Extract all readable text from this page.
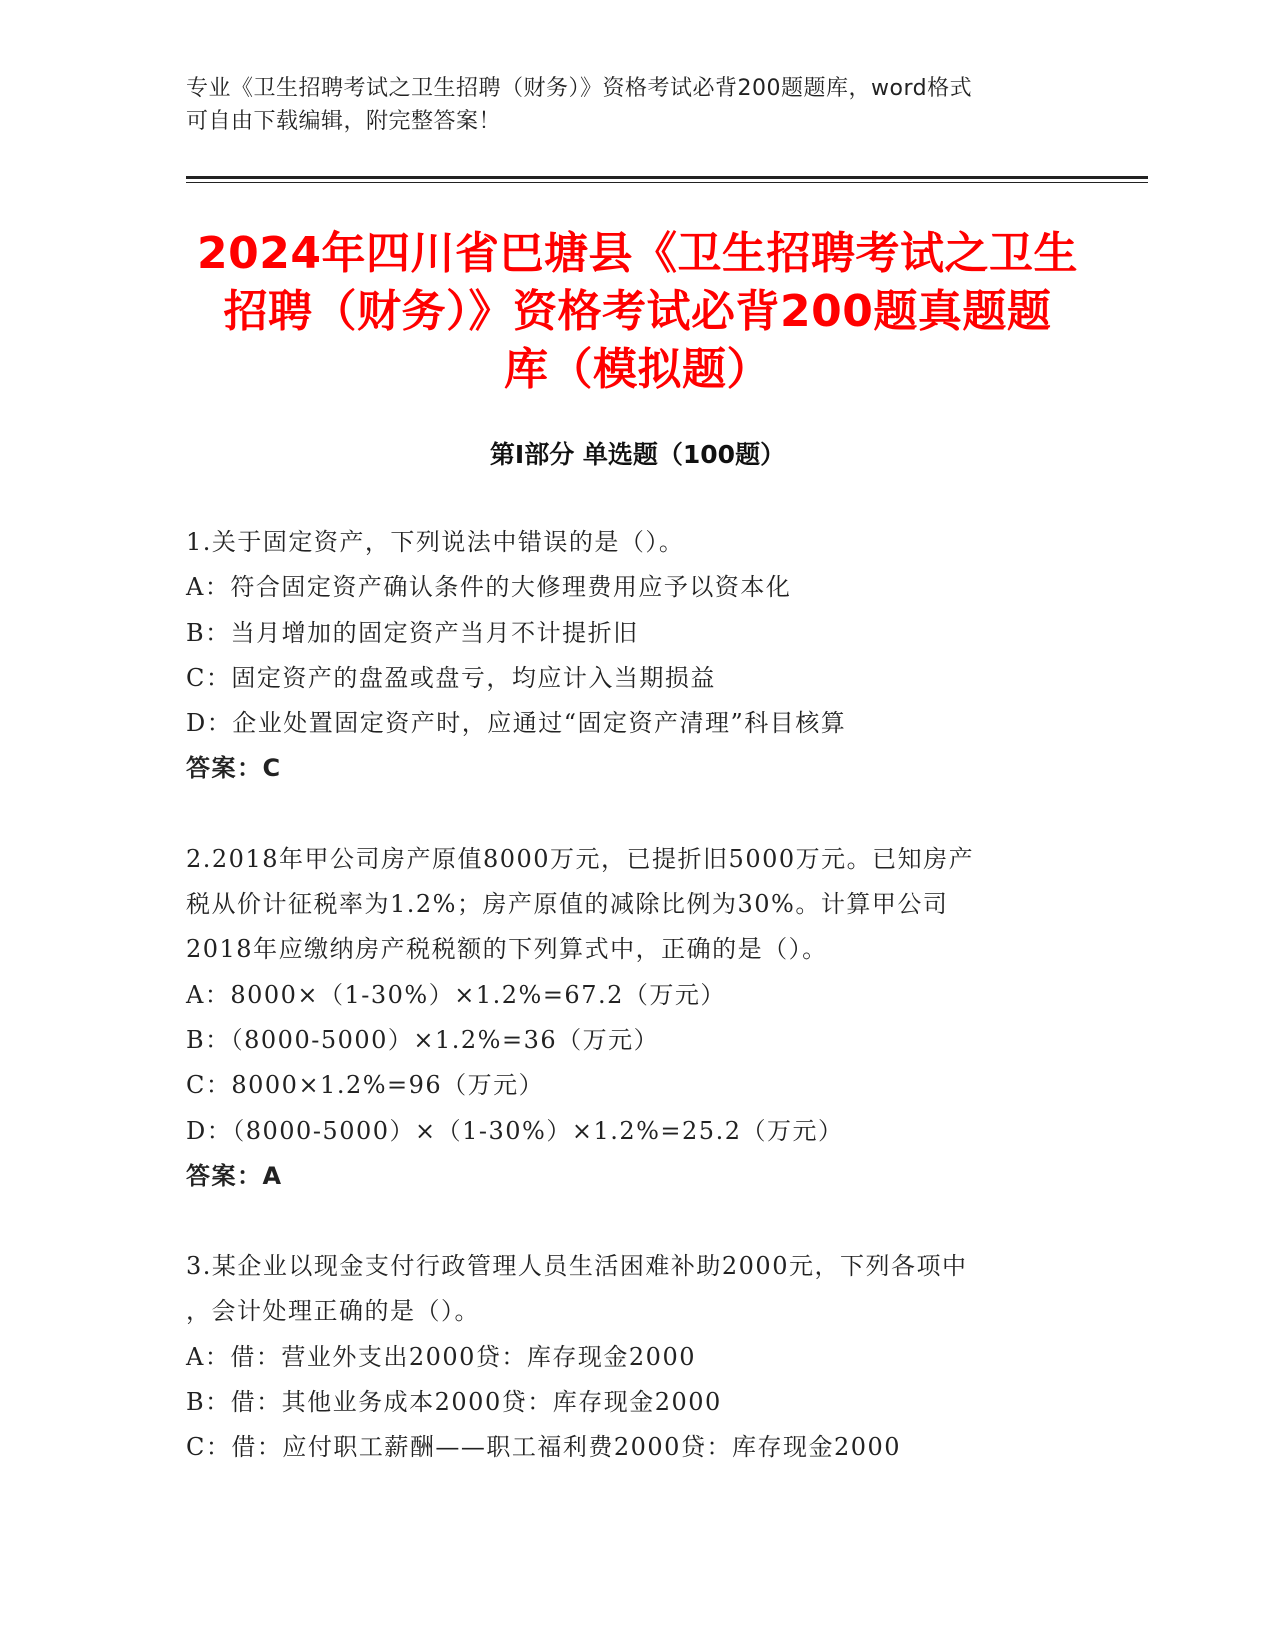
专业《卫生招聘考试之卫生招聘（财务）》资格考试必背200题题库，word格式
可自由下载编辑，附完整答案！
2024年四川省巴塘县《卫生招聘考试之卫生
招聘（财务）》资格考试必背200题真题题
库（模拟题）
第Ⅰ部分 单选题（100题）

1.关于固定资产，下列说法中错误的是（）。

A：符合固定资产确认条件的大修理费用应予以资本化

B：当月增加的固定资产当月不计提折旧

C：固定资产的盘盈或盘亏，均应计入当期损益

D：企业处置固定资产时，应通过“固定资产清理”科目核算

答案：C

2.2018年甲公司房产原值8000万元，已提折旧5000万元。已知房产

税从价计征税率为1.2%；房产原值的减除比例为30%。计算甲公司

2018年应缴纳房产税税额的下列算式中，正确的是（）。

A：8000×（1-30%）×1.2%=67.2（万元）

B：（8000-5000）×1.2%=36（万元）

C：8000×1.2%=96（万元）

D：（8000-5000）×（1-30%）×1.2%=25.2（万元）

答案：A

3.某企业以现金支付行政管理人员生活困难补助2000元，下列各项中

，会计处理正确的是（）。

A：借：营业外支出2000贷：库存现金2000

B：借：其他业务成本2000贷：库存现金2000

C：借：应付职工薪酬——职工福利费2000贷：库存现金2000
